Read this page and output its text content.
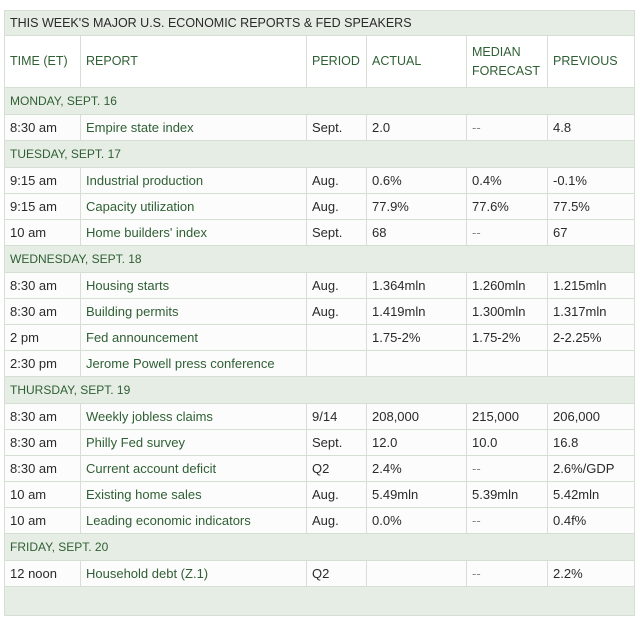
THIS WEEK'S MAJOR U.S. ECONOMIC REPORTS & FED SPEAKERS					
TIME (ET)	REPORT	PERIOD	ACTUAL	MEDIAN FORECAST	PREVIOUS
MONDAY, SEPT. 16					
8:30 am	Empire state index	Sept.	2.0	--	4.8
TUESDAY, SEPT. 17					
9:15 am	Industrial production	Aug.	0.6%	0.4%	-0.1%
9:15 am	Capacity utilization	Aug.	77.9%	77.6%	77.5%
10 am	Home builders' index	Sept.	68	--	67
WEDNESDAY, SEPT. 18					
8:30 am	Housing starts	Aug.	1.364mln	1.260mln	1.215mln
8:30 am	Building permits	Aug.	1.419mln	1.300mln	1.317mln
2 pm	Fed announcement		1.75-2%	1.75-2%	2-2.25%
2:30 pm	Jerome Powell press conference				
THURSDAY, SEPT. 19					
8:30 am	Weekly jobless claims	9/14	208,000	215,000	206,000
8:30 am	Philly Fed survey	Sept.	12.0	10.0	16.8
8:30 am	Current account deficit	Q2	2.4%	--	2.6%/GDP
10 am	Existing home sales	Aug.	5.49mln	5.39mln	5.42mln
10 am	Leading economic indicators	Aug.	0.0%	--	0.4f%
FRIDAY, SEPT. 20					
12 noon	Household debt (Z.1)	Q2		--	2.2%
